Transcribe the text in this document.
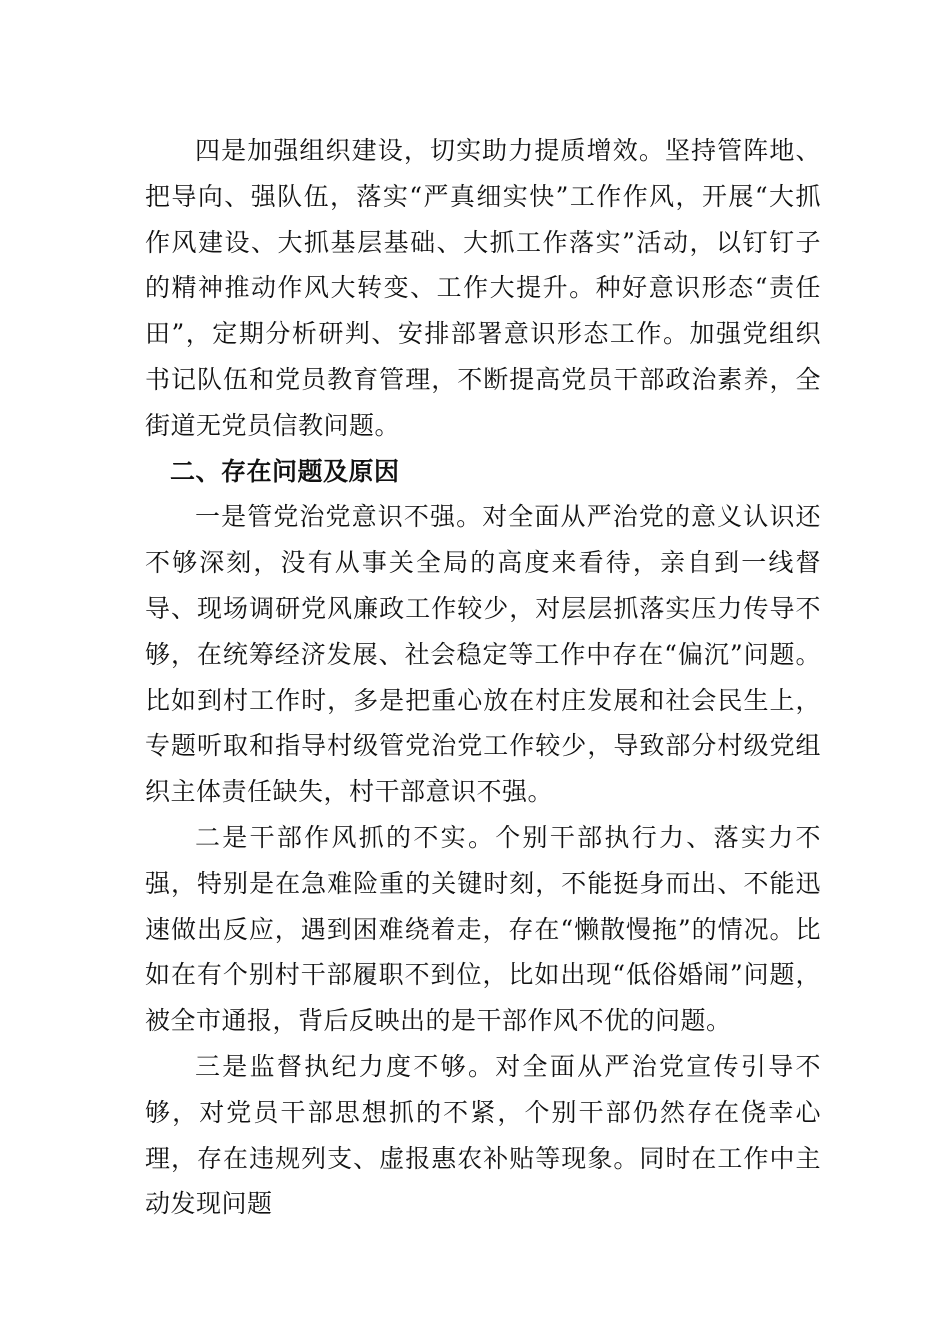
四是加强组织建设，切实助力提质增效。坚持管阵地、把导向、强队伍，落实“严真细实快”工作作风，开展“大抓作风建设、大抓基层基础、大抓工作落实”活动，以钉钉子的精神推动作风大转变、工作大提升。种好意识形态“责任田”，定期分析研判、安排部署意识形态工作。加强党组织书记队伍和党员教育管理，不断提高党员干部政治素养，全街道无党员信教问题。

二、存在问题及原因

一是管党治党意识不强。对全面从严治党的意义认识还不够深刻，没有从事关全局的高度来看待，亲自到一线督导、现场调研党风廉政工作较少，对层层抓落实压力传导不够，在统筹经济发展、社会稳定等工作中存在“偏沉”问题。比如到村工作时，多是把重心放在村庄发展和社会民生上，专题听取和指导村级管党治党工作较少，导致部分村级党组织主体责任缺失，村干部意识不强。

二是干部作风抓的不实。个别干部执行力、落实力不强，特别是在急难险重的关键时刻，不能挺身而出、不能迅速做出反应，遇到困难绕着走，存在“懒散慢拖”的情况。比如在有个别村干部履职不到位，比如出现“低俗婚闹”问题，被全市通报，背后反映出的是干部作风不优的问题。

三是监督执纪力度不够。对全面从严治党宣传引导不够，对党员干部思想抓的不紧，个别干部仍然存在侥幸心理，存在违规列支、虚报惠农补贴等现象。同时在工作中主动发现问题
